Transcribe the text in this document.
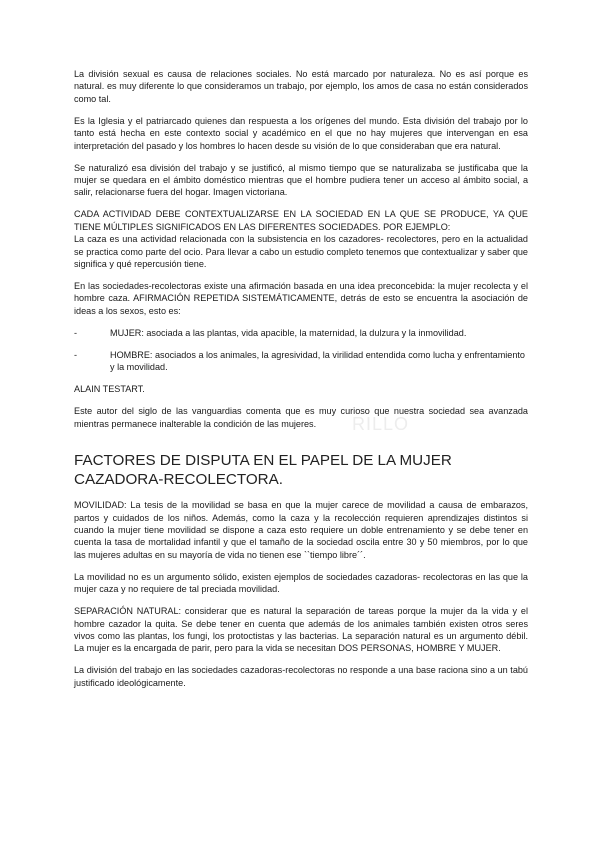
RILLO

La división sexual es causa de relaciones sociales. No está marcado por naturaleza. No es así porque es natural. es muy diferente lo que consideramos un trabajo, por ejemplo, los amos de casa no están considerados como tal.

Es la Iglesia y el patriarcado quienes dan respuesta a los orígenes del mundo. Esta división del trabajo por lo tanto está hecha en este contexto social y académico en el que no hay mujeres que intervengan en esa interpretación del pasado y los hombres lo hacen desde su visión de lo que consideraban que era natural.

Se naturalizó esa división del trabajo y se justificó, al mismo tiempo que se naturalizaba se justificaba que la mujer se quedara en el ámbito doméstico mientras que el hombre pudiera tener un acceso al ámbito social, a salir, relacionarse fuera del hogar. Imagen victoriana.

CADA ACTIVIDAD DEBE CONTEXTUALIZARSE EN LA SOCIEDAD EN LA QUE SE PRODUCE, YA QUE TIENE MÚLTIPLES SIGNIFICADOS EN LAS DIFERENTES SOCIEDADES. POR EJEMPLO:

La caza es una actividad relacionada con la subsistencia en los cazadores- recolectores, pero en la actualidad se practica como parte del ocio. Para llevar a cabo un estudio completo tenemos que contextualizar y saber que significa y qué repercusión tiene.

En las sociedades-recolectoras existe una afirmación basada en una idea preconcebida: la mujer recolecta y el hombre caza. AFIRMACIÓN REPETIDA SISTEMÁTICAMENTE, detrás de esto se encuentra la asociación de ideas a los sexos, esto es:

-	MUJER: asociada a las plantas, vida apacible, la maternidad, la dulzura y la inmovilidad.
-	HOMBRE: asociados a los animales, la agresividad, la virilidad entendida como lucha y enfrentamiento y la movilidad.

ALAIN TESTART.

Este autor del siglo de las vanguardias comenta que es muy curioso que nuestra sociedad sea avanzada mientras permanece inalterable la condición de las mujeres.

FACTORES DE DISPUTA EN EL PAPEL DE LA MUJER CAZADORA-RECOLECTORA.

MOVILIDAD: La tesis de la movilidad se basa en que la mujer carece de movilidad a causa de embarazos, partos y cuidados de los niños. Además, como la caza y la recolección requieren aprendizajes distintos si cuando la mujer tiene movilidad se dispone a caza esto requiere un doble entrenamiento y se debe tener en cuenta la tasa de mortalidad infantil y que el tamaño de la sociedad oscila entre 30 y 50 miembros, por lo que las mujeres adultas en su mayoría de vida no tienen ese ``tiempo libre´´.

La movilidad no es un argumento sólido, existen ejemplos de sociedades cazadoras- recolectoras en las que la mujer caza y no requiere de tal preciada movilidad.

SEPARACIÓN NATURAL: considerar que es natural la separación de tareas porque la mujer da la vida y el hombre cazador la quita. Se debe tener en cuenta que además de los animales también existen otros seres vivos como las plantas, los fungi, los protoctistas y las bacterias. La separación natural es un argumento débil. La mujer es la encargada de parir, pero para la vida se necesitan DOS PERSONAS, HOMBRE Y MUJER.

La división del trabajo en las sociedades cazadoras-recolectoras no responde a una base raciona sino a un tabú justificado ideológicamente.
